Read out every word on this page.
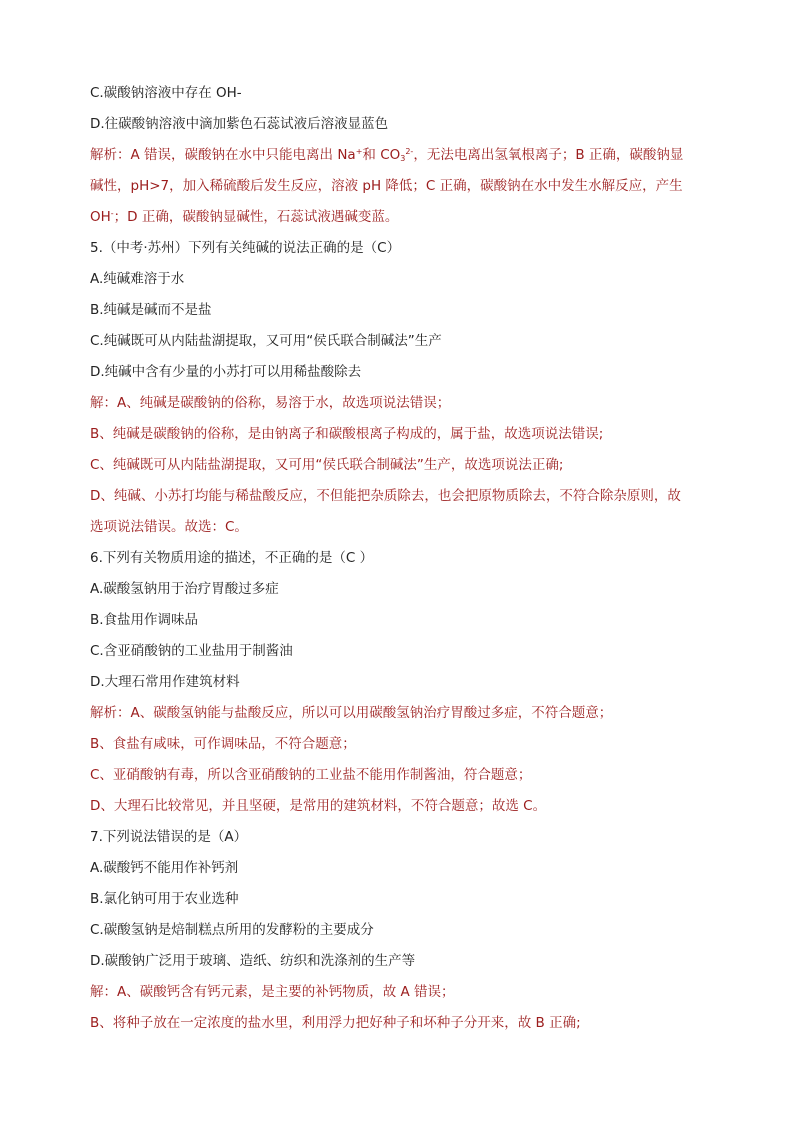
C.碳酸钠溶液中存在 OH-
D.往碳酸钠溶液中滴加紫色石蕊试液后溶液显蓝色
解析：A 错误，碳酸钠在水中只能电离出 Na+和 $CO_3^{2-}$，无法电离出氢氧根离子；B 正确，碳酸钠显
碱性，pH>7，加入稀硫酸后发生反应，溶液 pH 降低；C 正确，碳酸钠在水中发生水解反应，产生
OH-；D 正确，碳酸钠显碱性，石蕊试液遇碱变蓝。
5.（中考·苏州）下列有关纯碱的说法正确的是（C）
A.纯碱难溶于水
B.纯碱是碱而不是盐
C.纯碱既可从内陆盐湖提取，又可用“侯氏联合制碱法”生产
D.纯碱中含有少量的小苏打可以用稀盐酸除去
解：A、纯碱是碳酸钠的俗称，易溶于水，故选项说法错误；
B、纯碱是碳酸钠的俗称，是由钠离子和碳酸根离子构成的，属于盐，故选项说法错误;
C、纯碱既可从内陆盐湖提取，又可用“侯氏联合制碱法”生产，故选项说法正确;
D、纯碱、小苏打均能与稀盐酸反应，不但能把杂质除去，也会把原物质除去，不符合除杂原则，故
选项说法错误。故选：C。
6.下列有关物质用途的描述，不正确的是（C ）
A.碳酸氢钠用于治疗胃酸过多症
B.食盐用作调味品
C.含亚硝酸钠的工业盐用于制酱油
D.大理石常用作建筑材料
解析：A、碳酸氢钠能与盐酸反应，所以可以用碳酸氢钠治疗胃酸过多症，不符合题意；
B、食盐有咸味，可作调味品，不符合题意；
C、亚硝酸钠有毒，所以含亚硝酸钠的工业盐不能用作制酱油，符合题意；
D、大理石比较常见，并且坚硬，是常用的建筑材料，不符合题意；故选 C。
7.下列说法错误的是（A）
A.碳酸钙不能用作补钙剂
B.氯化钠可用于农业选种
C.碳酸氢钠是焙制糕点所用的发酵粉的主要成分
D.碳酸钠广泛用于玻璃、造纸、纺织和洗涤剂的生产等
解：A、碳酸钙含有钙元素，是主要的补钙物质，故 A 错误；
B、将种子放在一定浓度的盐水里，利用浮力把好种子和坏种子分开来，故 B 正确;
